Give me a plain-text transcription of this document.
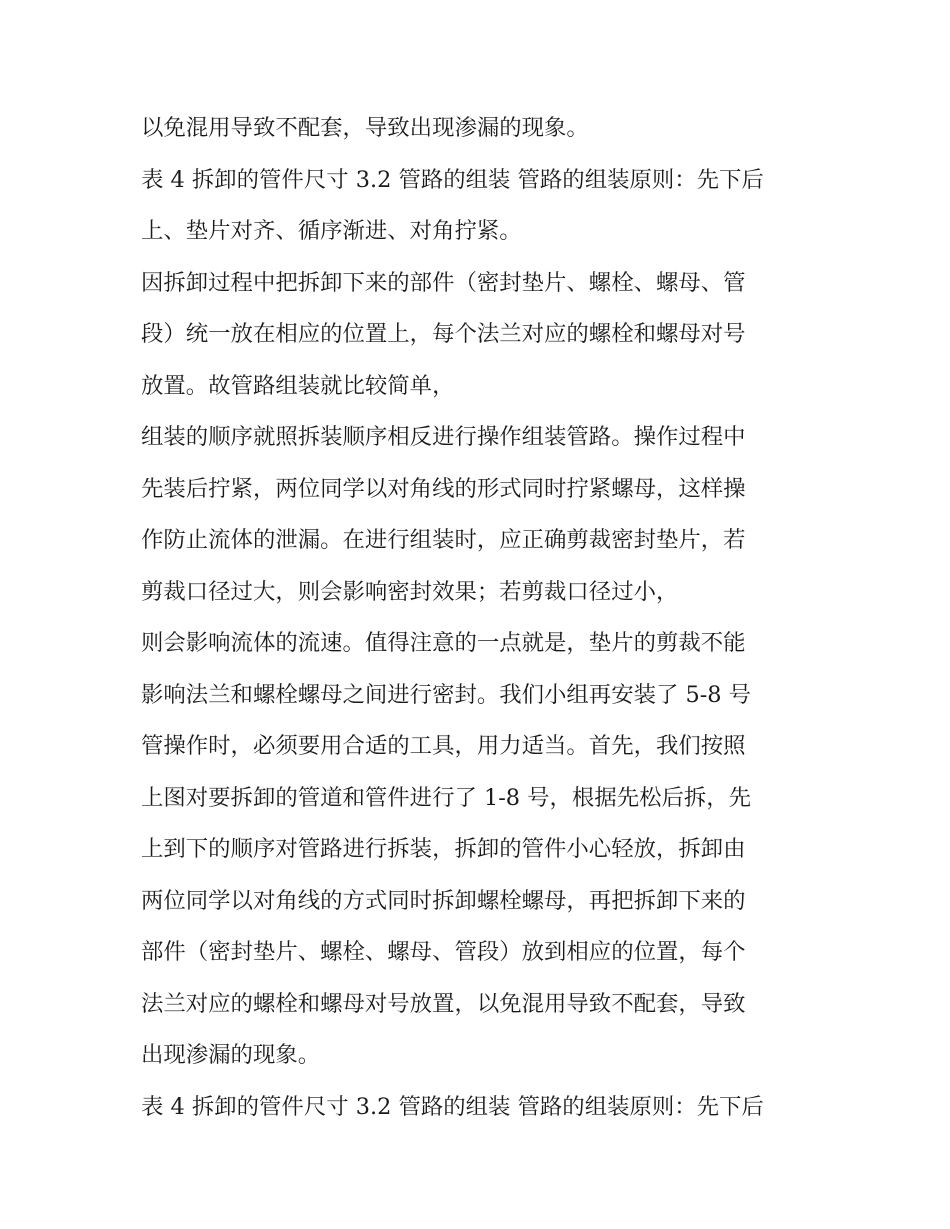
以免混用导致不配套，导致出现渗漏的现象。
表 4 拆卸的管件尺寸 3.2 管路的组装 管路的组装原则：先下后
上、垫片对齐、循序渐进、对角拧紧。
因拆卸过程中把拆卸下来的部件（密封垫片、螺栓、螺母、管
段）统一放在相应的位置上，每个法兰对应的螺栓和螺母对号
放置。故管路组装就比较简单，
组装的顺序就照拆装顺序相反进行操作组装管路。操作过程中
先装后拧紧，两位同学以对角线的形式同时拧紧螺母，这样操
作防止流体的泄漏。在进行组装时，应正确剪裁密封垫片，若
剪裁口径过大，则会影响密封效果；若剪裁口径过小，
则会影响流体的流速。值得注意的一点就是，垫片的剪裁不能
影响法兰和螺栓螺母之间进行密封。我们小组再安装了 5-8 号
管操作时，必须要用合适的工具，用力适当。首先，我们按照
上图对要拆卸的管道和管件进行了 1-8 号，根据先松后拆，先
上到下的顺序对管路进行拆装，拆卸的管件小心轻放，拆卸由
两位同学以对角线的方式同时拆卸螺栓螺母，再把拆卸下来的
部件（密封垫片、螺栓、螺母、管段）放到相应的位置，每个
法兰对应的螺栓和螺母对号放置，以免混用导致不配套，导致
出现渗漏的现象。
表 4 拆卸的管件尺寸 3.2 管路的组装 管路的组装原则：先下后
